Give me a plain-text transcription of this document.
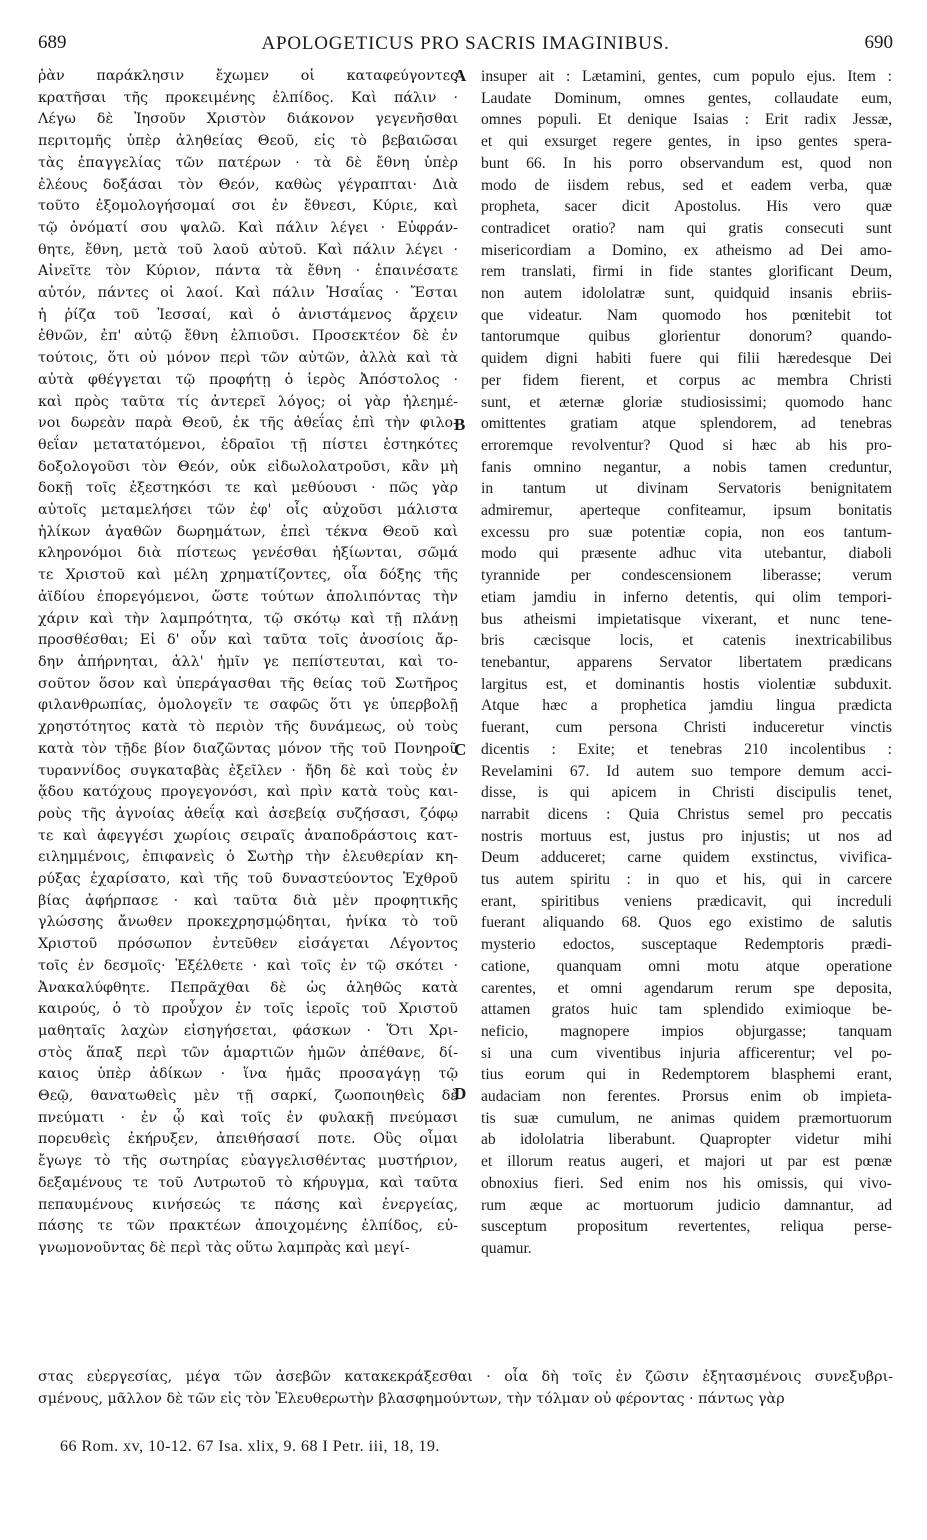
689	APOLOGETICUS PRO SACRIS IMAGINIBUS.	690
ῥὰν παράκλησιν ἔχωμεν οἱ καταφεύγοντες
κρατῆσαι τῆς προκειμένης ἐλπίδος. Καὶ πάλιν ·
Λέγω δὲ Ἰησοῦν Χριστὸν διάκονον γεγενῆσθαι
περιτομῆς ὑπὲρ ἀληθείας Θεοῦ, εἰς τὸ βεβαιῶσαι
τὰς ἐπαγγελίας τῶν πατέρων · τὰ δὲ ἔθνη ὑπὲρ
ἐλέους δοξάσαι τὸν Θεόν, καθὼς γέγραπται· Διὰ
τοῦτο ἐξομολογήσομαί σοι ἐν ἔθνεσι, Κύριε, καὶ
τῷ ὀνόματί σου ψαλῶ. Καὶ πάλιν λέγει · Εὐφράν-
θητε, ἔθνη, μετὰ τοῦ λαοῦ αὐτοῦ. Καὶ πάλιν λέγει ·
Αἰνεῖτε τὸν Κύριον, πάντα τὰ ἔθνη · ἐπαινέσατε
αὐτόν, πάντες οἱ λαοί. Καὶ πάλιν Ἡσαΐας · Ἔσται
ἡ ῥίζα τοῦ Ἰεσσαί, καὶ ὁ ἀνιστάμενος ἄρχειν
ἐθνῶν, ἐπ' αὐτῷ ἔθνη ἐλπιοῦσι. Προσεκτέον δὲ ἐν
τούτοις, ὅτι οὐ μόνον περὶ τῶν αὐτῶν, ἀλλὰ καὶ τὰ
αὐτὰ φθέγγεται τῷ προφήτῃ ὁ ἱερὸς Ἀπόστολος ·
καὶ πρὸς ταῦτα τίς ἀντερεῖ λόγος; οἱ γὰρ ἠλεημέ-
νοι δωρεὰν παρὰ Θεοῦ, ἐκ τῆς ἀθεΐας ἐπὶ τὴν φιλο-
θεΐαν μετατατόμενοι, ἑδραῖοι τῇ πίστει ἑστηκότες
δοξολογοῦσι τὸν Θεόν, οὐκ εἰδωλολατροῦσι, κἂν μὴ
δοκῇ τοῖς ἐξεστηκόσι τε καὶ μεθύουσι · πῶς γὰρ
αὐτοῖς μεταμελήσει τῶν ἐφ' οἷς αὐχοῦσι μάλιστα
ἡλίκων ἀγαθῶν δωρημάτων, ἐπεὶ τέκνα Θεοῦ καὶ
κληρονόμοι διὰ πίστεως γενέσθαι ἠξίωνται, σῶμά
τε Χριστοῦ καὶ μέλη χρηματίζοντες, οἷα δόξης τῆς
ἀϊδίου ἐπορεγόμενοι, ὥστε τούτων ἀπολιπόντας τὴν
χάριν καὶ τὴν λαμπρότητα, τῷ σκότῳ καὶ τῇ πλάνῃ
προσθέσθαι; Εἰ δ' οὖν καὶ ταῦτα τοῖς ἀνοσίοις ἄρ-
δην ἀπήρνηται, ἀλλ' ἡμῖν γε πεπίστευται, καὶ το-
σοῦτον ὅσον καὶ ὑπεράγασθαι τῆς θείας τοῦ Σωτῆρος
φιλανθρωπίας, ὁμολογεῖν τε σαφῶς ὅτι γε ὑπερβολῇ
χρηστότητος κατὰ τὸ περιὸν τῆς δυνάμεως, οὐ τοὺς
κατὰ τὸν τῇδε βίον διαζῶντας μόνον τῆς τοῦ Πονηροῦ
τυραννίδος συγκαταβὰς ἐξεῖλεν · ἤδη δὲ καὶ τοὺς ἐν
ᾅδου κατόχους προγεγονόσι, καὶ πρὶν κατὰ τοὺς και-
ροὺς τῆς ἀγνοίας ἀθεΐᾳ καὶ ἀσεβείᾳ συζήσασι, ζόφῳ
τε καὶ ἀφεγγέσι χωρίοις σειραῖς ἀναποδράστοις κατ-
ειλημμένοις, ἐπιφανεὶς ὁ Σωτὴρ τὴν ἐλευθερίαν κη-
ρύξας ἐχαρίσατο, καὶ τῆς τοῦ δυναστεύοντος Ἐχθροῦ
βίας ἀφήρπασε · καὶ ταῦτα διὰ μὲν προφητικῆς
γλώσσης ἄνωθεν προκεχρησμῴδηται, ἡνίκα τὸ τοῦ
Χριστοῦ πρόσωπον ἐντεῦθεν εἰσάγεται Λέγοντος
τοῖς ἐν δεσμοῖς· Ἐξέλθετε · καὶ τοῖς ἐν τῷ σκότει ·
Ἀνακαλύφθητε. Πεπρᾶχθαι δὲ ὡς ἀληθῶς κατὰ
καιρούς, ὁ τὸ προὖχον ἐν τοῖς ἱεροῖς τοῦ Χριστοῦ
μαθηταῖς λαχὼν εἰσηγήσεται, φάσκων · Ὅτι Χρι-
στὸς ἅπαξ περὶ τῶν ἁμαρτιῶν ἡμῶν ἀπέθανε, δί-
καιος ὑπὲρ ἀδίκων · ἵνα ἡμᾶς προσαγάγῃ τῷ
Θεῷ, θανατωθεὶς μὲν τῇ σαρκί, ζωοποιηθεὶς δὲ
πνεύματι · ἐν ᾧ καὶ τοῖς ἐν φυλακῇ πνεύμασι
πορευθεὶς ἐκήρυξεν, ἀπειθήσασί ποτε. Οὓς οἶμαι
ἔγωγε τὸ τῆς σωτηρίας εὐαγγελισθέντας μυστήριον,
δεξαμένους τε τοῦ Λυτρωτοῦ τὸ κήρυγμα, καὶ ταῦτα
πεπαυμένους κινήσεώς τε πάσης καὶ ἐνεργείας,
πάσης τε τῶν πρακτέων ἀποιχομένης ἐλπίδος, εὐ-
γνωμονοῦντας δὲ περὶ τὰς οὕτω λαμπρὰς καὶ μεγί-
insuper ait : Lætamini, gentes, cum populo ejus. Item :
Laudate Dominum, omnes gentes, collaudate eum,
omnes populi. Et denique Isaias : Erit radix Jessæ,
et qui exsurget regere gentes, in ipso gentes spera-
bunt 66. In his porro observandum est, quod non
modo de iisdem rebus, sed et eadem verba, quæ
propheta, sacer dicit Apostolus. His vero quæ
contradicet oratio? nam qui gratis consecuti sunt
misericordiam a Domino, ex atheismo ad Dei amo-
rem translati, firmi in fide stantes glorificant Deum,
non autem idololatræ sunt, quidquid insanis ebriis-
que videatur. Nam quomodo hos pœnitebit tot
tantorumque quibus glorientur donorum? quando-
quidem digni habiti fuere qui filii hæredesque Dei
per fidem fierent, et corpus ac membra Christi
sunt, et æternæ gloriæ studiosissimi; quomodo hanc
omittentes gratiam atque splendorem, ad tenebras
erroremque revolventur? Quod si hæc ab his pro-
fanis omnino negantur, a nobis tamen creduntur,
in tantum ut divinam Servatoris benignitatem
admiremur, aperteque confiteamur, ipsum bonitatis
excessu pro suæ potentiæ copia, non eos tantum-
modo qui præsente adhuc vita utebantur, diaboli
tyrannide per condescensionem liberasse; verum
etiam jamdiu in inferno detentis, qui olim tempori-
bus atheismi impietatisque vixerant, et nunc tene-
bris cæcisque locis, et catenis inextricabilibus
tenebantur, apparens Servator libertatem prædicans
largitus est, et dominantis hostis violentiæ subduxit.
Atque hæc a prophetica jamdiu lingua prædicta
fuerant, cum persona Christi induceretur vinctis
dicentis : Exite; et tenebras 210 incolentibus :
Revelamini 67. Id autem suo tempore demum acci-
disse, is qui apicem in Christi discipulis tenet,
narrabit dicens : Quia Christus semel pro peccatis
nostris mortuus est, justus pro injustis; ut nos ad
Deum adduceret; carne quidem exstinctus, vivifica-
tus autem spiritu : in quo et his, qui in carcere
erant, spiritibus veniens prædicavit, qui increduli
fuerant aliquando 68. Quos ego existimo de salutis
mysterio edoctos, susceptaque Redemptoris prædi-
catione, quanquam omni motu atque operatione
carentes, et omni agendarum rerum spe deposita,
attamen gratos huic tam splendido eximioque be-
neficio, magnopere impios objurgasse; tanquam
si una cum viventibus injuria afficerentur; vel po-
tius eorum qui in Redemptorem blasphemi erant,
audaciam non ferentes. Prorsus enim ob impieta-
tis suæ cumulum, ne animas quidem præmortuorum
ab idololatria liberabunt. Quapropter videtur mihi
et illorum reatus augeri, et majori ut par est pœnæ
obnoxius fieri. Sed enim nos his omissis, qui vivo-
rum æque ac mortuorum judicio damnantur, ad
susceptum propositum revertentes, reliqua perse-
quamur.
A
B
C
D
στας εὐεργεσίας, μέγα τῶν ἀσεβῶν κατακεκράξεσθαι · οἷα δὴ τοῖς ἐν ζῶσιν ἐξητασμένοις συνεξυβρι-
σμένους, μᾶλλον δὲ τῶν εἰς τὸν Ἐλευθερωτὴν βλασφημούντων, τὴν τόλμαν οὐ φέροντας · πάντως γὰρ
66 Rom. xv, 10-12. 67 Isa. xlix, 9. 68 I Petr. iii, 18, 19.
